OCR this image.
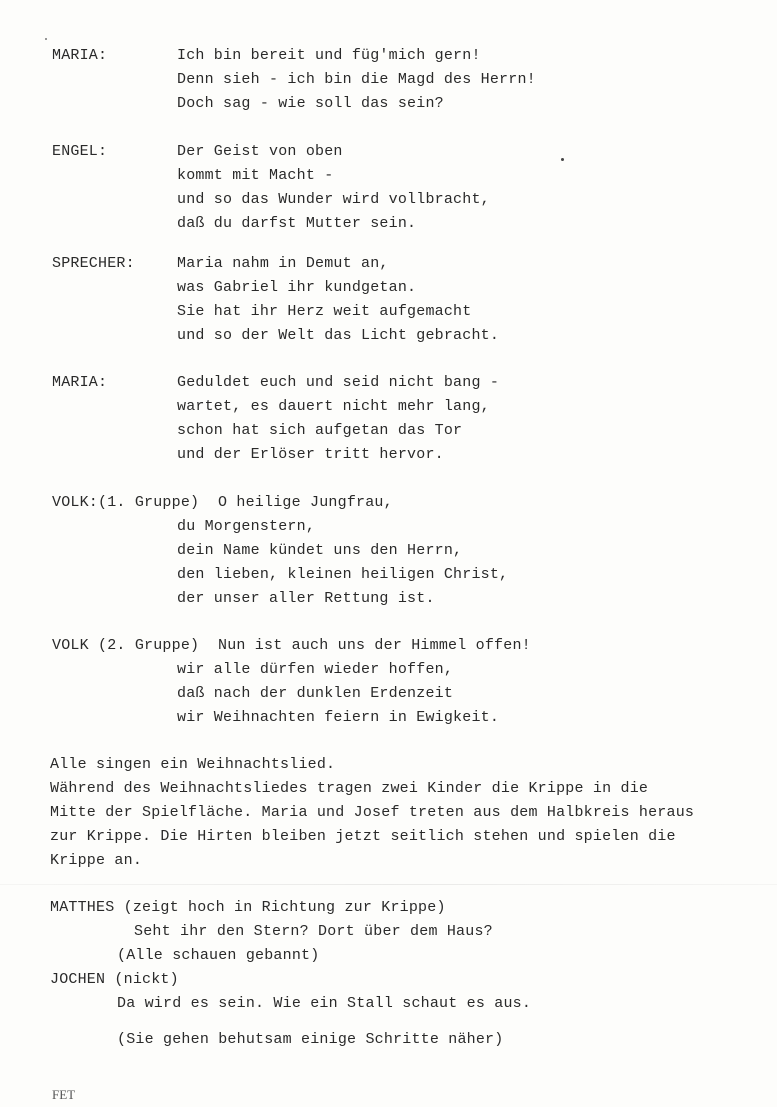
MARIA:	Ich bin bereit und füg'mich gern!
Denn sieh - ich bin die Magd des Herrn!
Doch sag - wie soll das sein?
ENGEL:	Der Geist von oben
kommt mit Macht -
und so das Wunder wird vollbracht,
daß du darfst Mutter sein.
SPRECHER:	Maria nahm in Demut an,
was Gabriel ihr kundgetan.
Sie hat ihr Herz weit aufgemacht
und so der Welt das Licht gebracht.
MARIA:	Geduldet euch und seid nicht bang -
wartet, es dauert nicht mehr lang,
schon hat sich aufgetan das Tor
und der Erlöser tritt hervor.
VOLK:(1. Gruppe) O heilige Jungfrau,
du Morgenstern,
dein Name kündet uns den Herrn,
den lieben, kleinen heiligen Christ,
der unser aller Rettung ist.
VOLK (2. Gruppe) Nun ist auch uns der Himmel offen!
wir alle dürfen wieder hoffen,
daß nach der dunklen Erdenzeit
wir Weihnachten feiern in Ewigkeit.
Alle singen ein Weihnachtslied.
Während des Weihnachtsliedes tragen zwei Kinder die Krippe in die
Mitte der Spielfläche. Maria und Josef treten aus dem Halbkreis heraus
zur Krippe. Die Hirten bleiben jetzt seitlich stehen und spielen die
Krippe an.
MATTHES (zeigt hoch in Richtung zur Krippe)
Seht ihr den Stern? Dort über dem Haus?
(Alle schauen gebannt)
JOCHEN (nickt)
Da wird es sein. Wie ein Stall schaut es aus.
(Sie gehen behutsam einige Schritte näher)
FET
